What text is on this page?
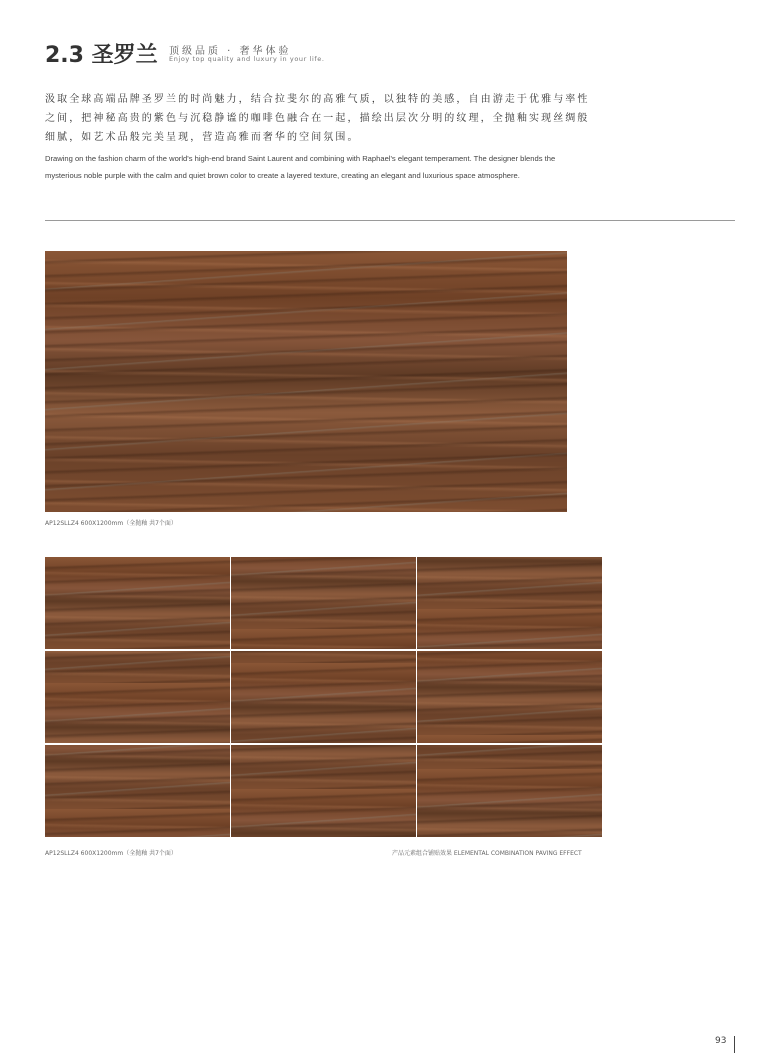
2.3 圣罗兰 顶级品质 · 奢华体验
Enjoy top quality and luxury in your life.

汲取全球高端品牌圣罗兰的时尚魅力，结合拉斐尔的高雅气质，以独特的美感，自由游走于优雅与率性之间，把神秘高贵的紫色与沉稳静谧的咖啡色融合在一起，描绘出层次分明的纹理，全抛釉实现丝绸般细腻，如艺术品般完美呈现，营造高雅而奢华的空间氛围。

Drawing on the fashion charm of the world's high-end brand Saint Laurent and combining with Raphael's elegant temperament. The designer blends the mysterious noble purple with the calm and quiet brown color to create a layered texture, creating an elegant and luxurious space atmosphere.

AP12SLLZ4 600X1200mm（全抛釉 共7个面）
AP12SLLZ4 600X1200mm（全抛釉 共7个面）	产品元素组合铺贴效果 ELEMENTAL COMBINATION PAVING EFFECT
93
